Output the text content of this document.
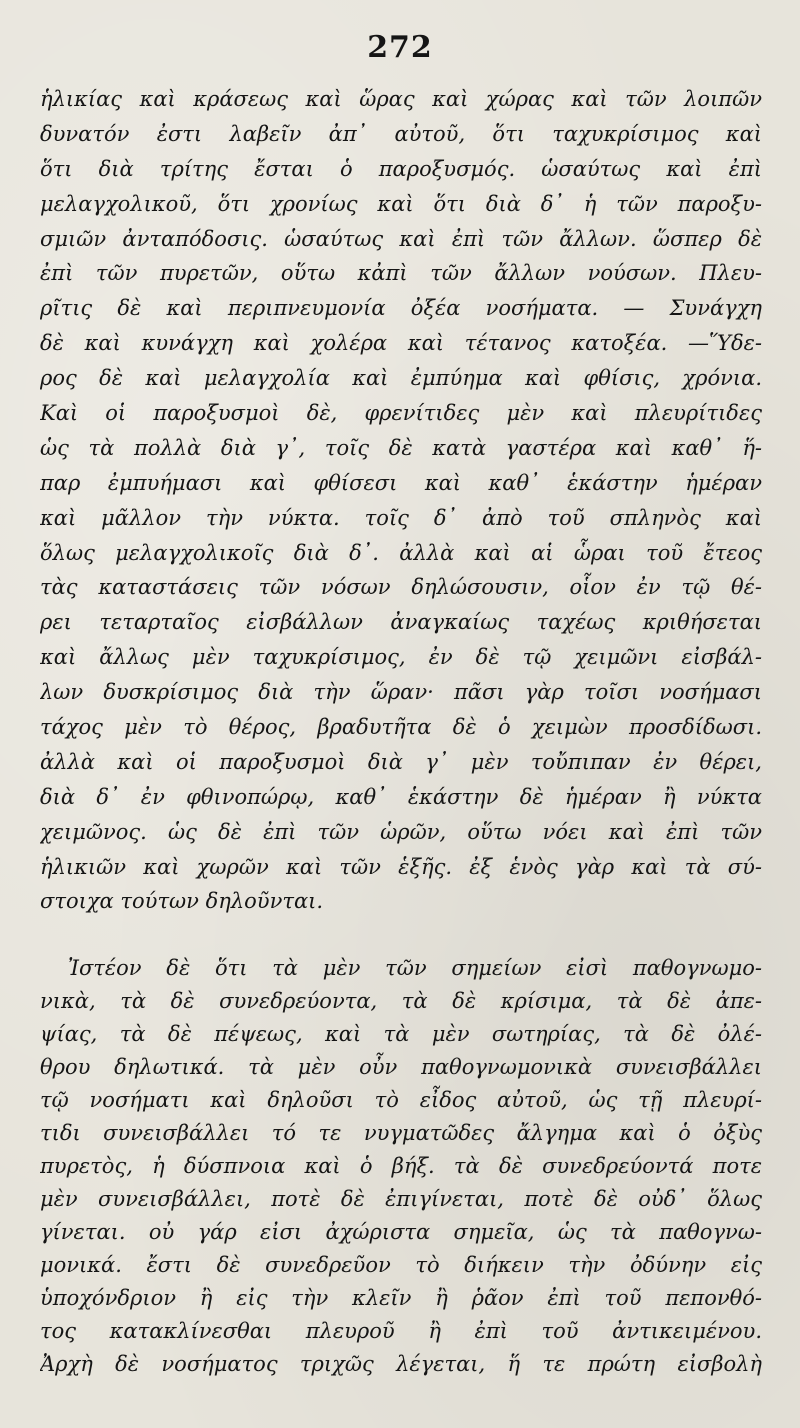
272
ἡλικίας καὶ κράσεως καὶ ὥρας καὶ χώρας καὶ τῶν λοιπῶν
δυνατόν ἐστι λαβεῖν ἀπ᾽ αὐτοῦ, ὅτι ταχυκρίσιμος καὶ
ὅτι διὰ τρίτης ἔσται ὁ παροξυσμός. ὡσαύτως καὶ ἐπὶ
μελαγχολικοῦ, ὅτι χρονίως καὶ ὅτι διὰ δ᾽ ἡ τῶν παροξυ-
σμιῶν ἀνταπόδοσις. ὡσαύτως καὶ ἐπὶ τῶν ἄλλων. ὥσπερ δὲ
ἐπὶ τῶν πυρετῶν, οὕτω κἀπὶ τῶν ἄλλων νούσων. Πλευ-
ρῖτις δὲ καὶ περιπνευμονία ὀξέα νοσήματα. — Συνάγχη
δὲ καὶ κυνάγχη καὶ χολέρα καὶ τέτανος κατοξέα. —Ὕδε-
ρος δὲ καὶ μελαγχολία καὶ ἐμπύημα καὶ φθίσις, χρόνια.
Καὶ οἱ παροξυσμοὶ δὲ, φρενίτιδες μὲν καὶ πλευρίτιδες
ὡς τὰ πολλὰ διὰ γ᾽, τοῖς δὲ κατὰ γαστέρα καὶ καθ᾽ ἥ-
παρ ἐμπυήμασι καὶ φθίσεσι καὶ καθ᾽ ἑκάστην ἡμέραν
καὶ μᾶλλον τὴν νύκτα. τοῖς δ᾽ ἀπὸ τοῦ σπληνὸς καὶ
ὅλως μελαγχολικοῖς διὰ δ᾽. ἀλλὰ καὶ αἱ ὧραι τοῦ ἔτεος
τὰς καταστάσεις τῶν νόσων δηλώσουσιν, οἷον ἐν τῷ θέ-
ρει τεταρταῖος εἰσβάλλων ἀναγκαίως ταχέως κριθήσεται
καὶ ἄλλως μὲν ταχυκρίσιμος, ἐν δὲ τῷ χειμῶνι εἰσβάλ-
λων δυσκρίσιμος διὰ τὴν ὥραν· πᾶσι γὰρ τοῖσι νοσήμασι
τάχος μὲν τὸ θέρος, βραδυτῆτα δὲ ὁ χειμὼν προσδίδωσι.
ἀλλὰ καὶ οἱ παροξυσμοὶ διὰ γ᾽ μὲν τοὔπιπαν ἐν θέρει,
διὰ δ᾽ ἐν φθινοπώρῳ, καθ᾽ ἑκάστην δὲ ἡμέραν ἢ νύκτα
χειμῶνος. ὡς δὲ ἐπὶ τῶν ὡρῶν, οὕτω νόει καὶ ἐπὶ τῶν
ἡλικιῶν καὶ χωρῶν καὶ τῶν ἑξῆς. ἐξ ἑνὸς γὰρ καὶ τὰ σύ-
στοιχα τούτων δηλοῦνται.
Ἰστέον δὲ ὅτι τὰ μὲν τῶν σημείων εἰσὶ παθογνωμο-
νικὰ, τὰ δὲ συνεδρεύοντα, τὰ δὲ κρίσιμα, τὰ δὲ ἀπε-
ψίας, τὰ δὲ πέψεως, καὶ τὰ μὲν σωτηρίας, τὰ δὲ ὀλέ-
θρου δηλωτικά. τὰ μὲν οὖν παθογνωμονικὰ συνεισβάλλει
τῷ νοσήματι καὶ δηλοῦσι τὸ εἶδος αὐτοῦ, ὡς τῇ πλευρί-
τιδι συνεισβάλλει τό τε νυγματῶδες ἄλγημα καὶ ὁ ὀξὺς
πυρετὸς, ἡ δύσπνοια καὶ ὁ βήξ. τὰ δὲ συνεδρεύοντά ποτε
μὲν συνεισβάλλει, ποτὲ δὲ ἐπιγίνεται, ποτὲ δὲ οὐδ᾽ ὅλως
γίνεται. οὐ γάρ εἰσι ἀχώριστα σημεῖα, ὡς τὰ παθογνω-
μονικά. ἔστι δὲ συνεδρεῦον τὸ διήκειν τὴν ὀδύνην εἰς
ὑποχόνδριον ἢ εἰς τὴν κλεῖν ἢ ῥᾶον ἐπὶ τοῦ πεπονθό-
τος κατακλίνεσθαι πλευροῦ ἢ ἐπὶ τοῦ ἀντικειμένου.
Ἀρχὴ δὲ νοσήματος τριχῶς λέγεται, ἥ τε πρώτη εἰσβολὴ
